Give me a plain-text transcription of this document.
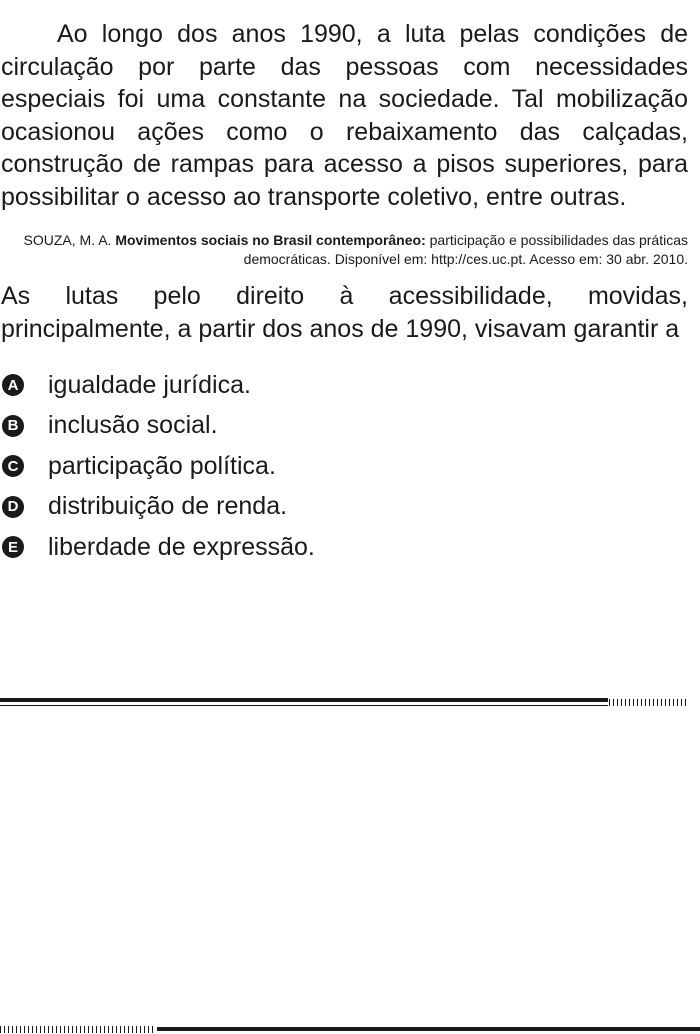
Ao longo dos anos 1990, a luta pelas condições de circulação por parte das pessoas com necessidades especiais foi uma constante na sociedade. Tal mobilização ocasionou ações como o rebaixamento das calçadas, construção de rampas para acesso a pisos superiores, para possibilitar o acesso ao transporte coletivo, entre outras.

SOUZA, M. A. Movimentos sociais no Brasil contemporâneo: participação e possibilidades das práticas democráticas. Disponível em: http://ces.uc.pt. Acesso em: 30 abr. 2010.

As lutas pelo direito à acessibilidade, movidas, principalmente, a partir dos anos de 1990, visavam garantir a

A igualdade jurídica.
B inclusão social.
C participação política.
D distribuição de renda.
E liberdade de expressão.
